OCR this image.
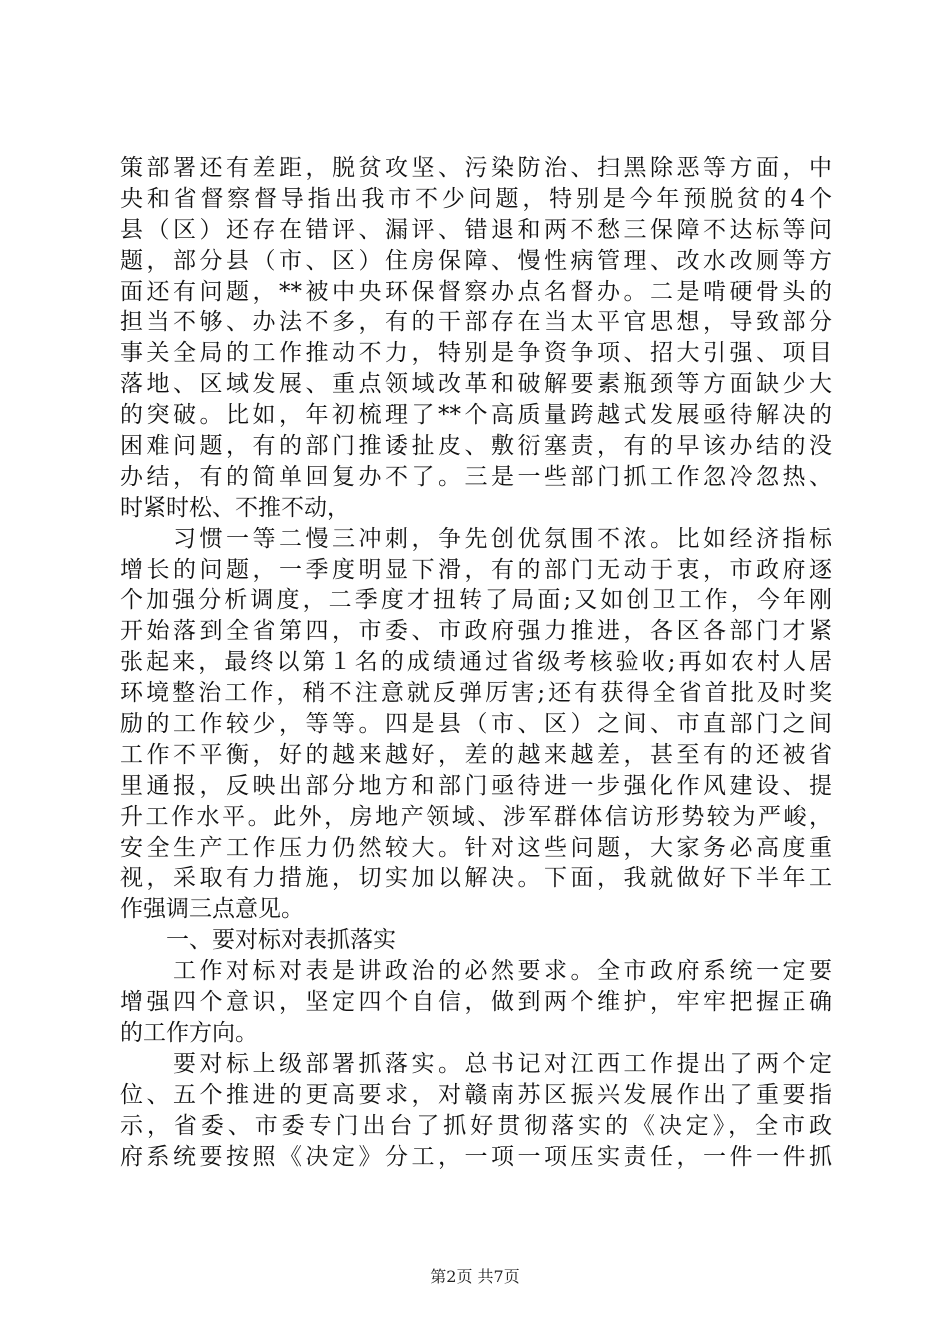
策部署还有差距，脱贫攻坚、污染防治、扫黑除恶等方面，中
央和省督察督导指出我市不少问题，特别是今年预脱贫的4个
县（区）还存在错评、漏评、错退和两不愁三保障不达标等问
题，部分县（市、区）住房保障、慢性病管理、改水改厕等方
面还有问题，**被中央环保督察办点名督办。二是啃硬骨头的
担当不够、办法不多，有的干部存在当太平官思想，导致部分
事关全局的工作推动不力，特别是争资争项、招大引强、项目
落地、区域发展、重点领域改革和破解要素瓶颈等方面缺少大
的突破。比如，年初梳理了**个高质量跨越式发展亟待解决的
困难问题，有的部门推诿扯皮、敷衍塞责，有的早该办结的没
办结，有的简单回复办不了。三是一些部门抓工作忽冷忽热、
时紧时松、不推不动，
　　习惯一等二慢三冲刺，争先创优氛围不浓。比如经济指标
增长的问题，一季度明显下滑，有的部门无动于衷，市政府逐
个加强分析调度，二季度才扭转了局面;又如创卫工作，今年刚
开始落到全省第四，市委、市政府强力推进，各区各部门才紧
张起来，最终以第１名的成绩通过省级考核验收;再如农村人居
环境整治工作，稍不注意就反弹厉害;还有获得全省首批及时奖
励的工作较少，等等。四是县（市、区）之间、市直部门之间
工作不平衡，好的越来越好，差的越来越差，甚至有的还被省
里通报，反映出部分地方和部门亟待进一步强化作风建设、提
升工作水平。此外，房地产领域、涉军群体信访形势较为严峻，
安全生产工作压力仍然较大。针对这些问题，大家务必高度重
视，采取有力措施，切实加以解决。下面，我就做好下半年工
作强调三点意见。
　　一、要对标对表抓落实
　　工作对标对表是讲政治的必然要求。全市政府系统一定要
增强四个意识，坚定四个自信，做到两个维护，牢牢把握正确
的工作方向。
　　要对标上级部署抓落实。总书记对江西工作提出了两个定
位、五个推进的更高要求，对赣南苏区振兴发展作出了重要指
示，省委、市委专门出台了抓好贯彻落实的《决定》，全市政
府系统要按照《决定》分工，一项一项压实责任，一件一件抓
第2页 共7页
